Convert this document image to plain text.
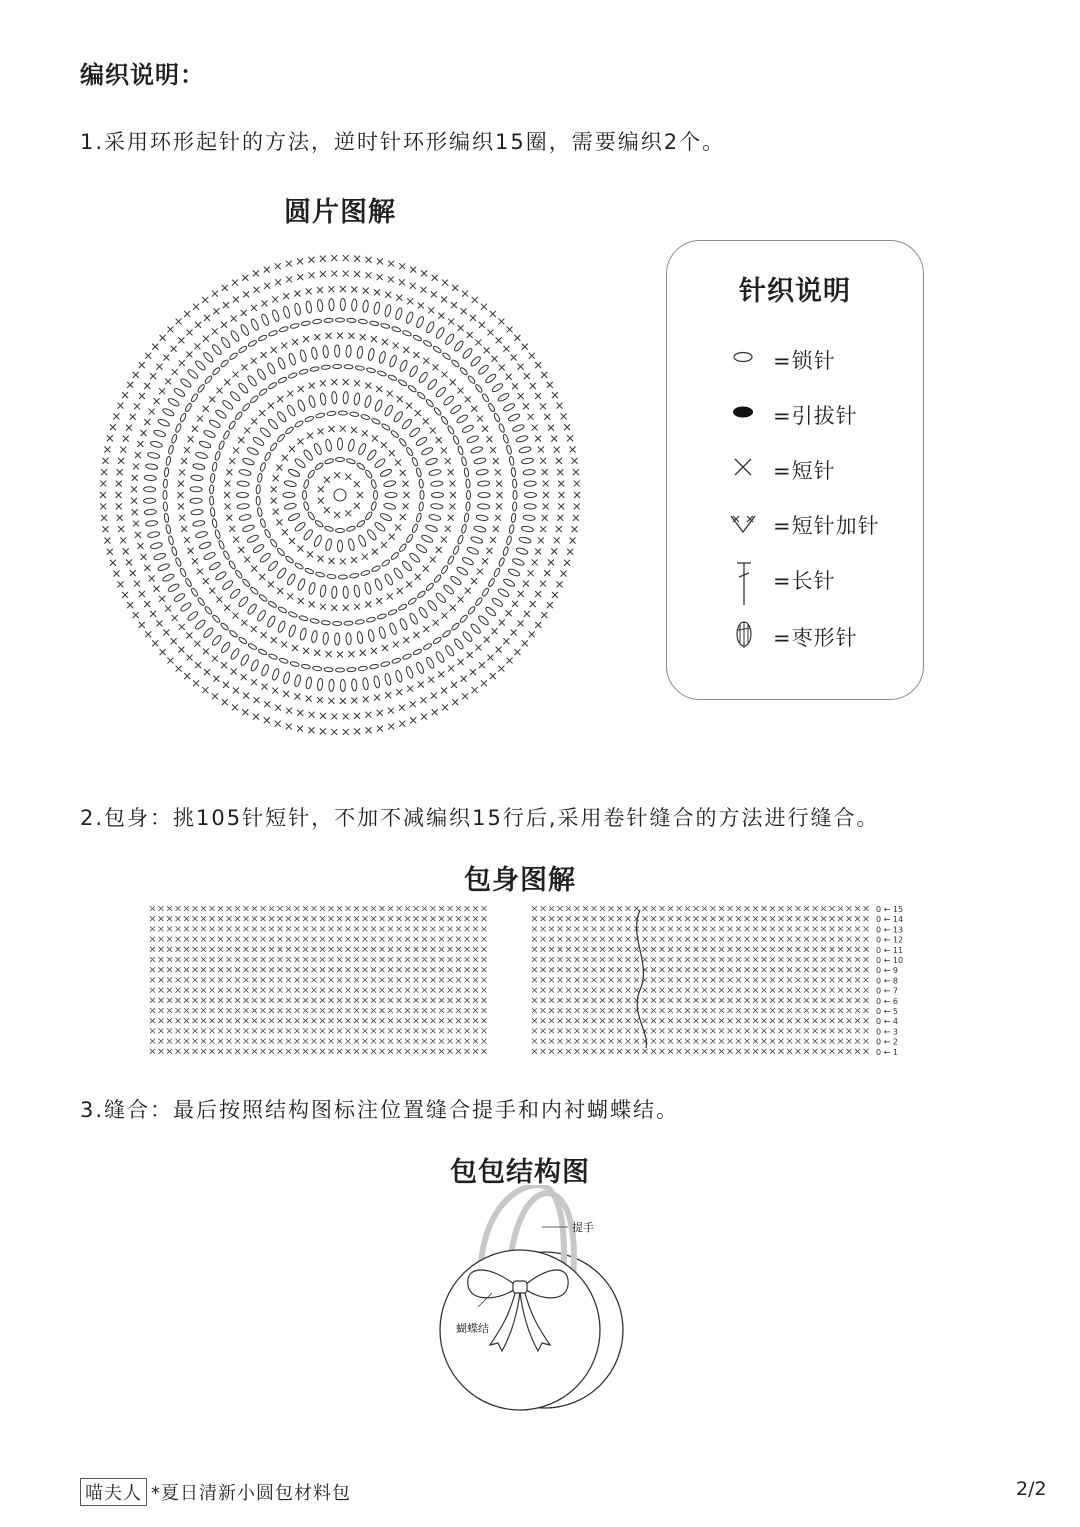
编织说明：
1.采用环形起针的方法，逆时针环形编织15圈，需要编织2个。
圆片图解
针织说明
=锁针
=引拔针
=短针
=短针加针
=长针
=枣形针
2.包身：挑105针短针，不加不减编织15行后,采用卷针缝合的方法进行缝合。
包身图解
0 ← 15
0 ← 14
0 ← 13
0 ← 12
0 ← 11
0 ← 10
0 ← 9
0 ← 8
0 ← 7
0 ← 6
0 ← 5
0 ← 4
0 ← 3
0 ← 2
0 ← 1
3.缝合：最后按照结构图标注位置缝合提手和内衬蝴蝶结。
包包结构图
提手
蝴蝶结
喵夫人 *夏日清新小圆包材料包	2/2
